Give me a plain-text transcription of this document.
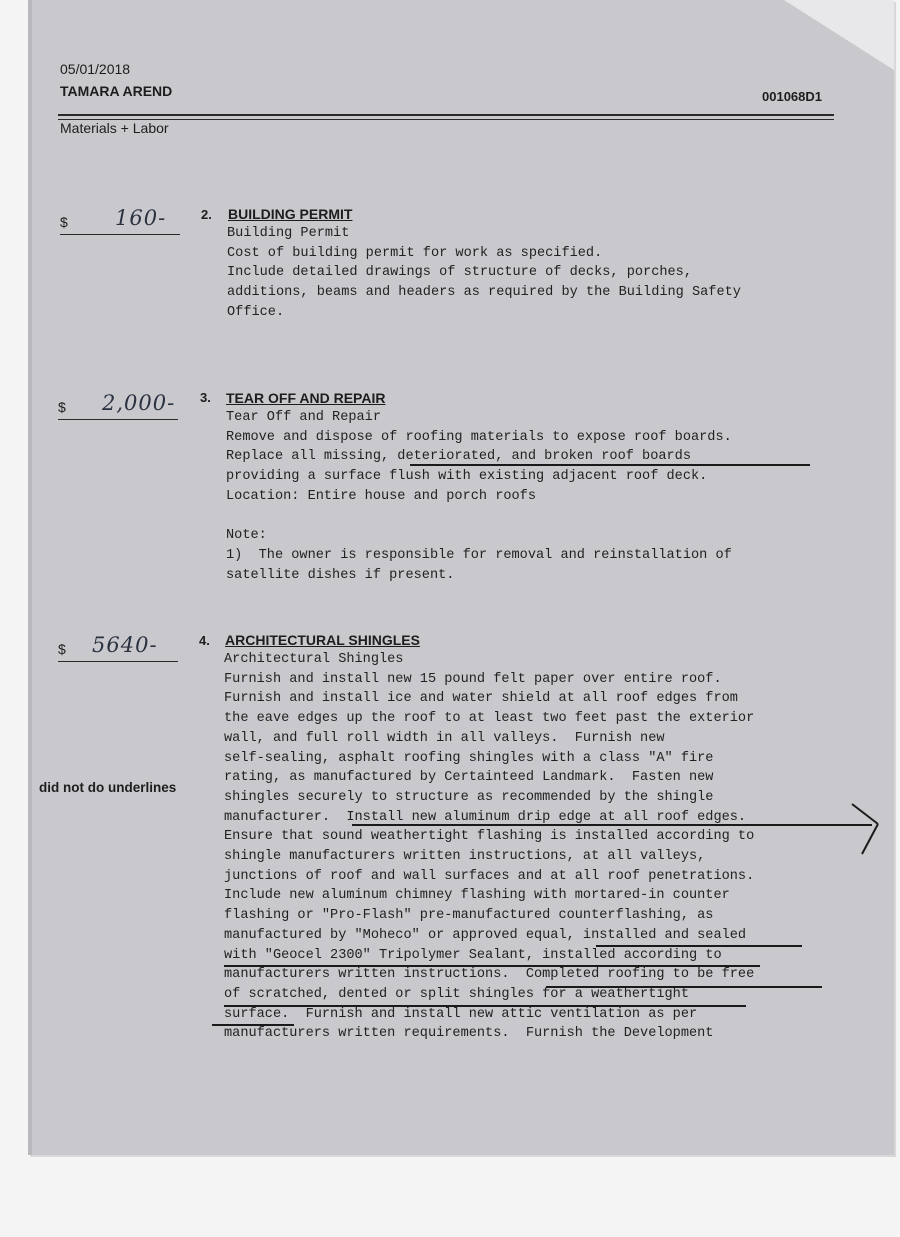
05/01/2018
TAMARA AREND	001068D1
Materials + Labor
$ 160-	2. BUILDING PERMIT
Building Permit
Cost of building permit for work as specified.
Include detailed drawings of structure of decks, porches,
additions, beams and headers as required by the Building Safety
Office.
$ 2,000- 3. TEAR OFF AND REPAIR
Tear Off and Repair
Remove and dispose of roofing materials to expose roof boards.
Replace all missing, deteriorated, and broken roof boards
providing a surface flush with existing adjacent roof deck.
Location: Entire house and porch roofs
Note:
1)  The owner is responsible for removal and reinstallation of
satellite dishes if present.
$ 5640-	4. ARCHITECTURAL SHINGLES
Architectural Shingles
Furnish and install new 15 pound felt paper over entire roof.
Furnish and install ice and water shield at all roof edges from
the eave edges up the roof to at least two feet past the exterior
wall, and full roll width in all valleys.  Furnish new
self-sealing, asphalt roofing shingles with a class "A" fire
rating, as manufactured by Certainteed Landmark.  Fasten new
shingles securely to structure as recommended by the shingle
manufacturer.  Install new aluminum drip edge at all roof edges.
Ensure that sound weathertight flashing is installed according to
shingle manufacturers written instructions, at all valleys,
junctions of roof and wall surfaces and at all roof penetrations.
Include new aluminum chimney flashing with mortared-in counter
flashing or "Pro-Flash" pre-manufactured counterflashing, as
manufactured by "Moheco" or approved equal, installed and sealed
with "Geocel 2300" Tripolymer Sealant, installed according to
manufacturers written instructions.  Completed roofing to be free
of scratched, dented or split shingles for a weathertight
surface.  Furnish and install new attic ventilation as per
manufacturers written requirements.  Furnish the Development
did not do underlines
